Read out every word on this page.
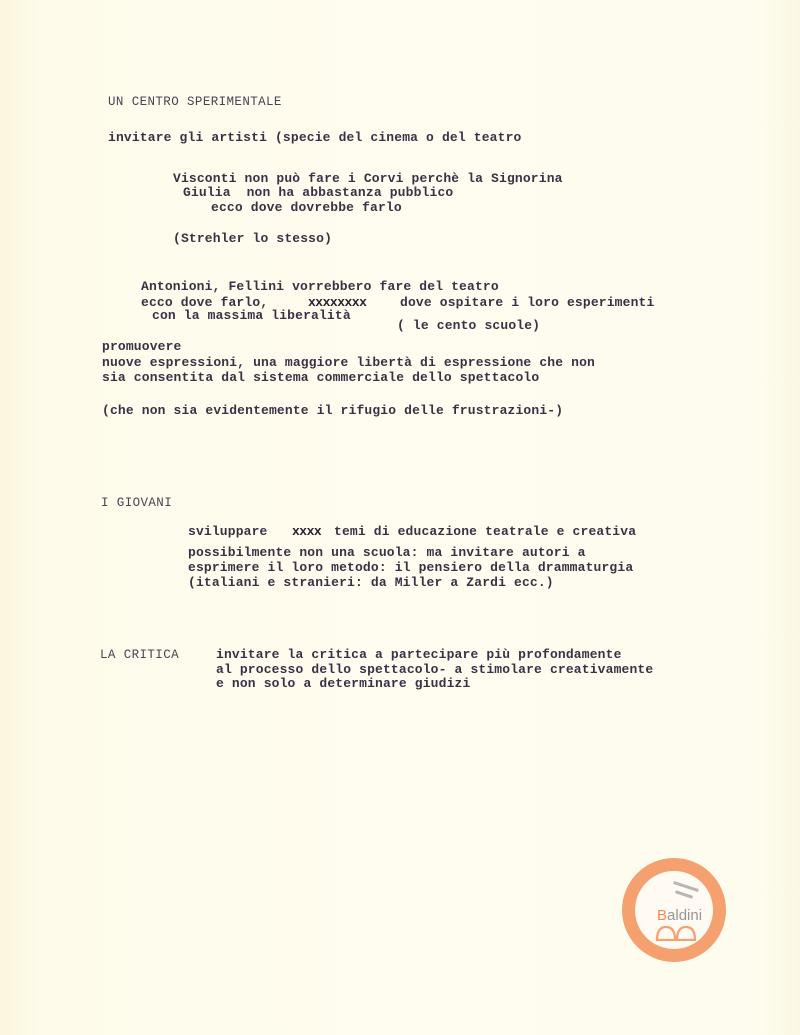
UN CENTRO SPERIMENTALE
invitare gli artisti (specie del cinema o del teatro
Visconti non può fare i Corvi perchè la Signorina
Giulia  non ha abbastanza pubblico
ecco dove dovrebbe farlo
(Strehler lo stesso)
Antonioni, Fellini vorrebbero fare del teatro
ecco dove farlo,	xxxxxxxx	dove ospitare i loro esperimenti
con la massima liberalità
( le cento scuole)
promuovere
nuove espressioni, una maggiore libertà di espressione che non
sia consentita dal sistema commerciale dello spettacolo
(che non sia evidentemente il rifugio delle frustrazioni-)
I GIOVANI
sviluppare xxxx temi di educazione teatrale e creativa
possibilmente non una scuola: ma invitare autori a
esprimere il loro metodo: il pensiero della drammaturgia
(italiani e stranieri: da Miller a Zardi ecc.)
LA CRITICA	invitare la critica a partecipare più profondamente
al processo dello spettacolo- a stimolare creativamente
e non solo a determinare giudizi
Baldini
